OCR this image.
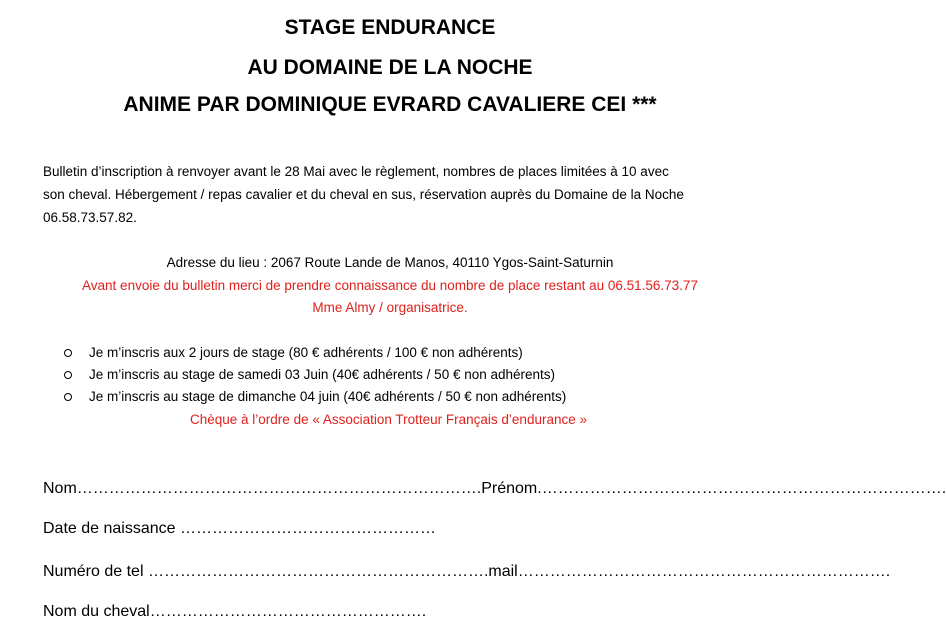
STAGE ENDURANCE
AU DOMAINE DE LA NOCHE
ANIME PAR DOMINIQUE EVRARD CAVALIERE CEI ***

Bulletin d’inscription à renvoyer avant le 28 Mai avec le règlement, nombres de places limitées à 10 avec

son cheval. Hébergement / repas cavalier et du cheval en sus, réservation auprès du Domaine de la Noche

06.58.73.57.82.

Adresse du lieu : 2067 Route Lande de Manos, 40110 Ygos-Saint-Saturnin
Avant envoie du bulletin merci de prendre connaissance du nombre de place restant au 06.51.56.73.77
Mme Almy / organisatrice.
Je m’inscris aux 2 jours de stage (80 € adhérents / 100 € non adhérents)
Je m’inscris au stage de samedi 03 Juin (40€ adhérents / 50 € non adhérents)
Je m’inscris au stage de dimanche 04 juin (40€ adhérents / 50 € non adhérents)
Chèque à l’ordre de « Association Trotteur Français d’endurance »
Nom………………………………………………………………….Prénom.………………………………………………………………….
Date de naissance …………………………………………
Numéro de tel ……………………………………………………….mail…………………………………………………………….
Nom du cheval…………………………………………….
